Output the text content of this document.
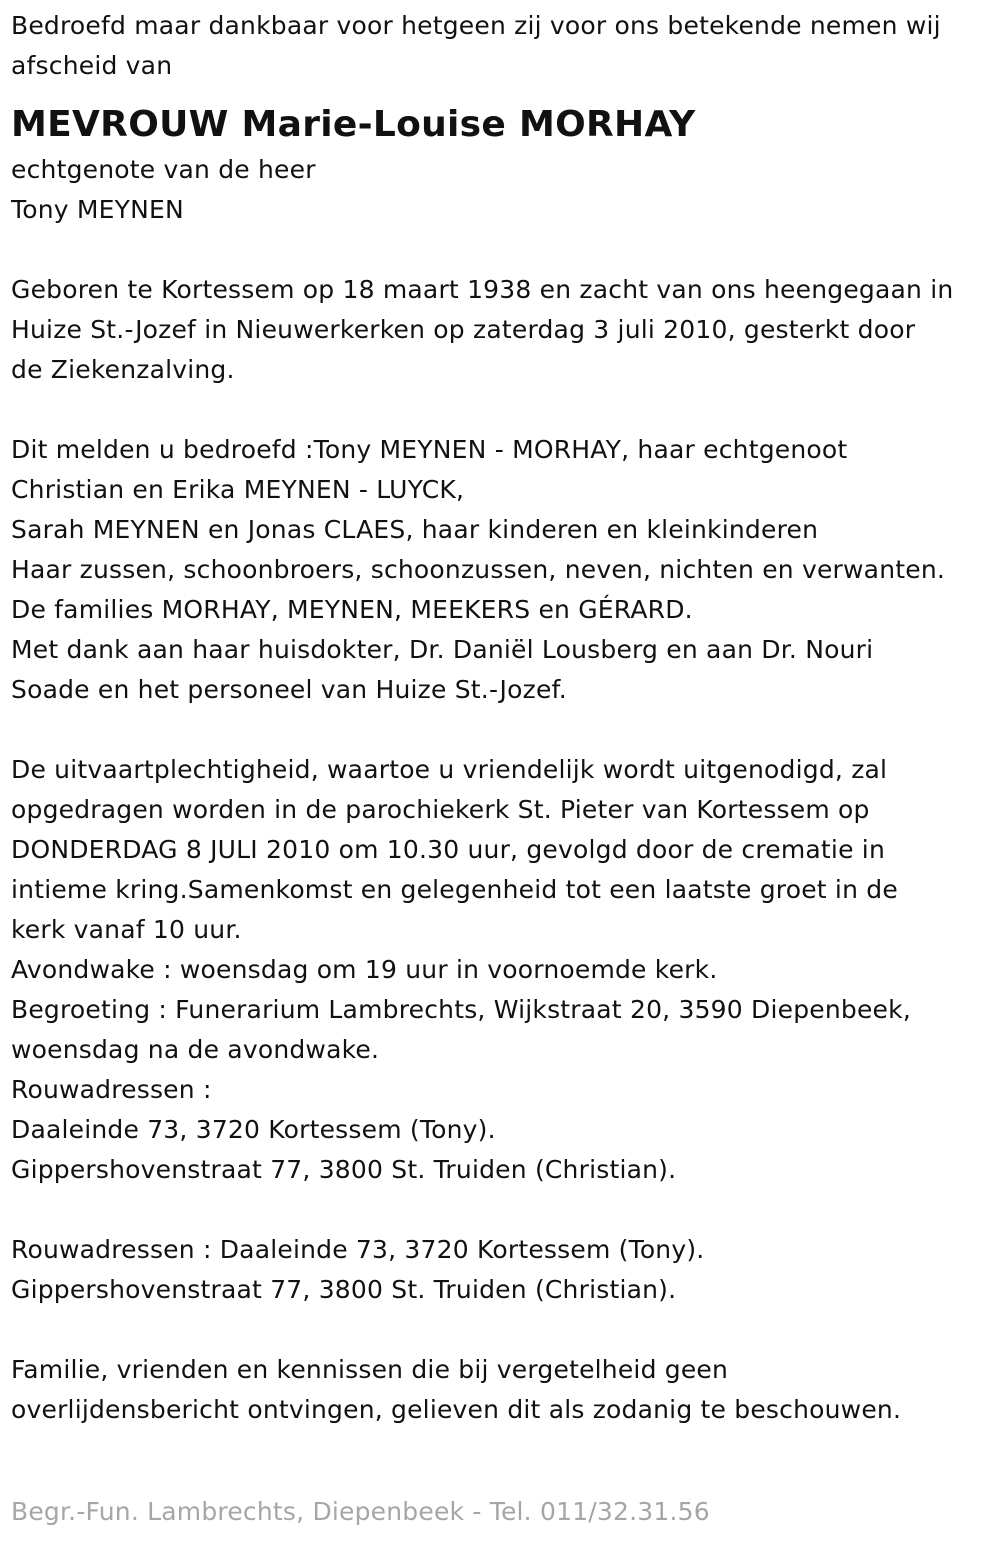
Bedroefd maar dankbaar voor hetgeen zij voor ons betekende nemen wij
afscheid van
MEVROUW Marie-Louise MORHAY
echtgenote van de heer
Tony MEYNEN
Geboren te Kortessem op 18 maart 1938 en zacht van ons heengegaan in
Huize St.-Jozef in Nieuwerkerken op zaterdag 3 juli 2010, gesterkt door
de Ziekenzalving.
Dit melden u bedroefd :Tony MEYNEN - MORHAY, haar echtgenoot
Christian en Erika MEYNEN - LUYCK,
Sarah MEYNEN en Jonas CLAES, haar kinderen en kleinkinderen
Haar zussen, schoonbroers, schoonzussen, neven, nichten en verwanten.
De families MORHAY, MEYNEN, MEEKERS en GÉRARD.
Met dank aan haar huisdokter, Dr. Daniël Lousberg en aan Dr. Nouri
Soade en het personeel van Huize St.-Jozef.
De uitvaartplechtigheid, waartoe u vriendelijk wordt uitgenodigd, zal
opgedragen worden in de parochiekerk St. Pieter van Kortessem op
DONDERDAG 8 JULI 2010 om 10.30 uur, gevolgd door de crematie in
intieme kring.Samenkomst en gelegenheid tot een laatste groet in de
kerk vanaf 10 uur.
Avondwake : woensdag om 19 uur in voornoemde kerk.
Begroeting : Funerarium Lambrechts, Wijkstraat 20, 3590 Diepenbeek,
woensdag na de avondwake.
Rouwadressen :
Daaleinde 73, 3720 Kortessem (Tony).
Gippershovenstraat 77, 3800 St. Truiden (Christian).
Rouwadressen : Daaleinde 73, 3720 Kortessem (Tony).
Gippershovenstraat 77, 3800 St. Truiden (Christian).
Familie, vrienden en kennissen die bij vergetelheid geen
overlijdensbericht ontvingen, gelieven dit als zodanig te beschouwen.
Begr.-Fun. Lambrechts, Diepenbeek - Tel. 011/32.31.56
